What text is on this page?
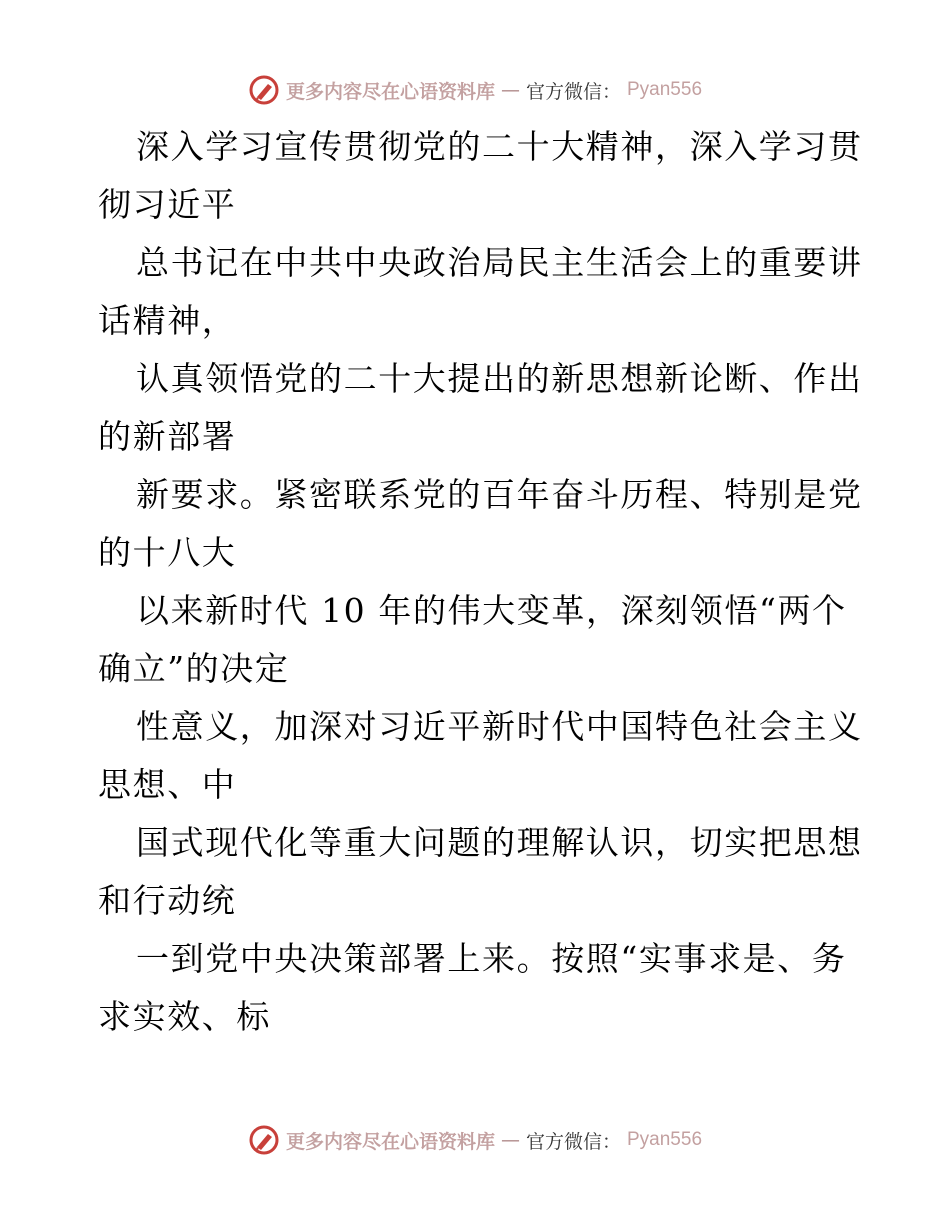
更多内容尽在心语资料库 — 官方微信： Pyan556
深入学习宣传贯彻党的二十大精神，深入学习贯
彻习近平
总书记在中共中央政治局民主生活会上的重要讲
话精神，
认真领悟党的二十大提出的新思想新论断、作出
的新部署
新要求。紧密联系党的百年奋斗历程、特别是党
的十八大
以来新时代 10 年的伟大变革，深刻领悟“两个
确立”的决定
性意义，加深对习近平新时代中国特色社会主义
思想、中
国式现代化等重大问题的理解认识，切实把思想
和行动统
一到党中央决策部署上来。按照“实事求是、务
求实效、标
更多内容尽在心语资料库 — 官方微信： Pyan556
